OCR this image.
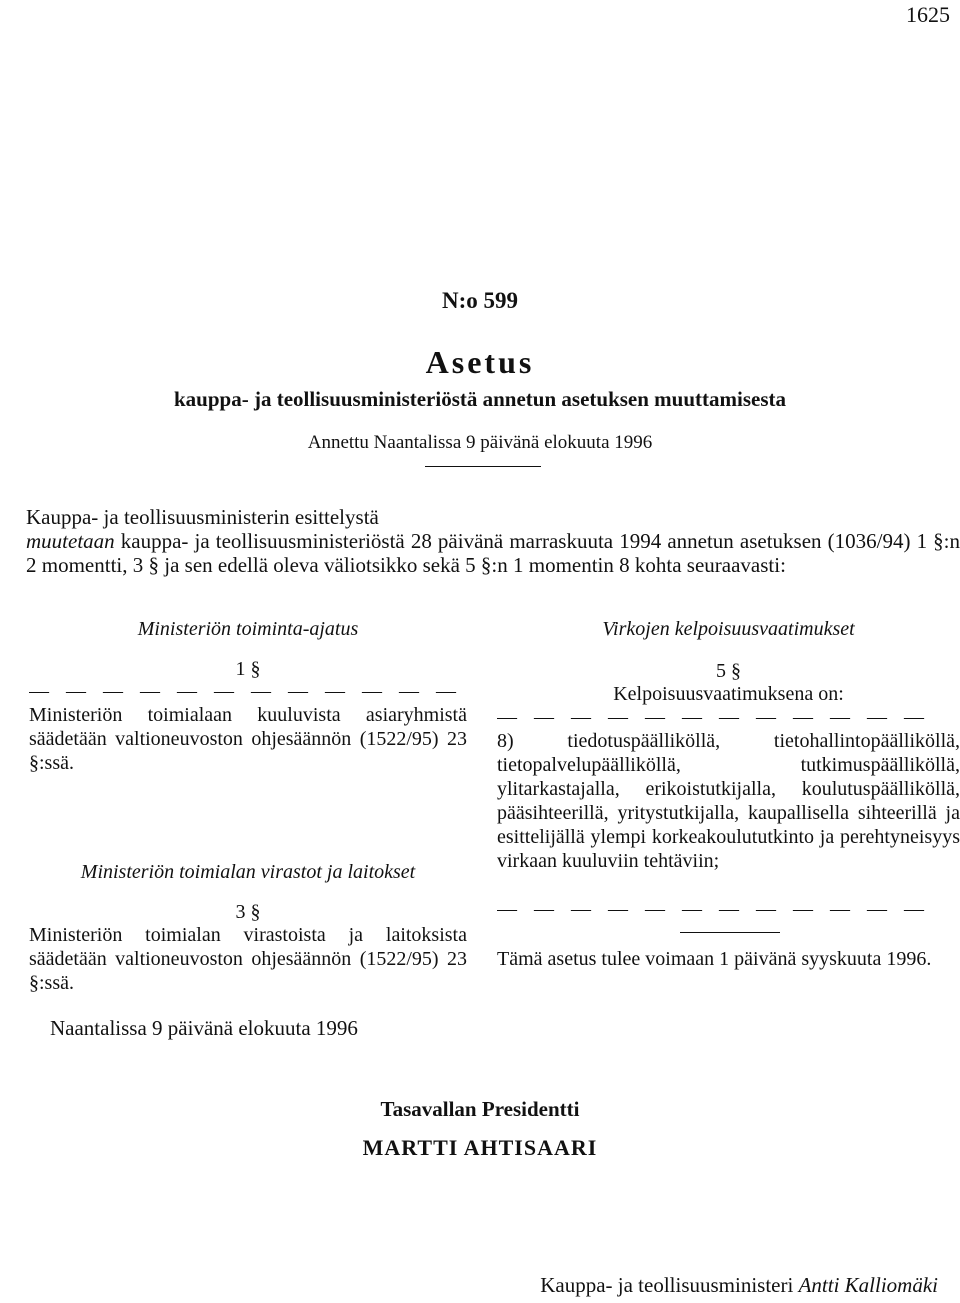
1625
N:o 599
Asetus
kauppa- ja teollisuusministeriöstä annetun asetuksen muuttamisesta
Annettu Naantalissa 9 päivänä elokuuta 1996
Kauppa- ja teollisuusministerin esittelystä
muutetaan kauppa- ja teollisuusministeriöstä 28 päivänä marraskuuta 1994 annetun asetuksen (1036/94) 1 §:n 2 momentti, 3 § ja sen edellä oleva väliotsikko sekä 5 §:n 1 momentin 8 kohta seuraavasti:
Ministeriön toiminta-ajatus
1 §
— — — — — — — — — — — —
Ministeriön toimialaan kuuluvista asiaryhmistä säädetään valtioneuvoston ohjesäännön (1522/95) 23 §:ssä.
Ministeriön toimialan virastot ja laitokset
3 §
Ministeriön toimialan virastoista ja laitoksista säädetään valtioneuvoston ohjesäännön (1522/95) 23 §:ssä.
Virkojen kelpoisuusvaatimukset
5 §
Kelpoisuusvaatimuksena on:
— — — — — — — — — — — —
8) tiedotuspäälliköllä, tietohallintopäälliköllä, tietopalvelupäälliköllä, tutkimuspäälliköllä, ylitarkastajalla, erikoistutkijalla, koulutuspäälliköllä, pääsihteerillä, yritystutkijalla, kaupallisella sihteerillä ja esittelijällä ylempi korkeakoulututkinto ja perehtyneisyys virkaan kuuluviin tehtäviin;
— — — — — — — — — — — —
Tämä asetus tulee voimaan 1 päivänä syyskuuta 1996.
Naantalissa 9 päivänä elokuuta 1996
Tasavallan Presidentti
MARTTI AHTISAARI
Kauppa- ja teollisuusministeri Antti Kalliomäki
